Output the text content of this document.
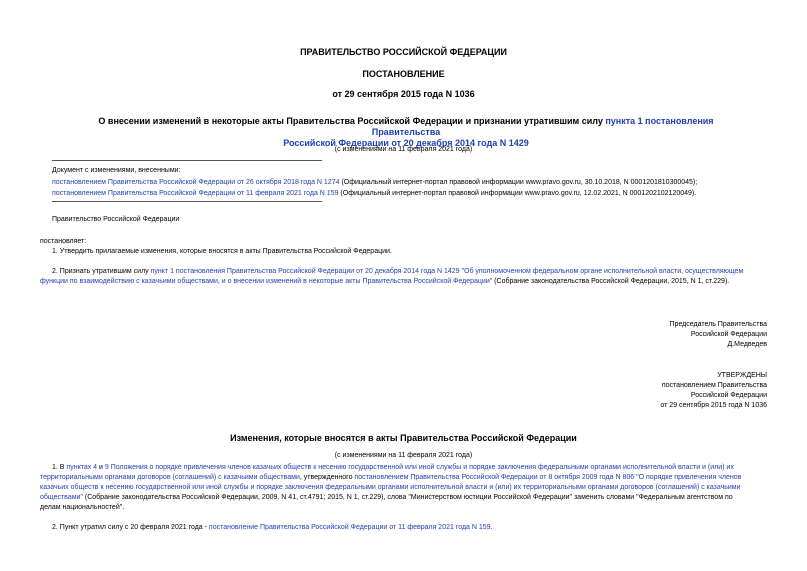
ПРАВИТЕЛЬСТВО РОССИЙСКОЙ ФЕДЕРАЦИИ
ПОСТАНОВЛЕНИЕ
от 29 сентября 2015 года N 1036
О внесении изменений в некоторые акты Правительства Российской Федерации и признании утратившим силу пункта 1 постановления Правительства
Российской Федерации от 20 декабря 2014 года N 1429
(с изменениями на 11 февраля 2021 года)
Документ с изменениями, внесенными:
постановлением Правительства Российской Федерации от 26 октября 2018 года N 1274 (Официальный интернет-портал правовой информации www.pravo.gov.ru, 30.10.2018, N 0001201810300045);
постановлением Правительства Российской Федерации от 11 февраля 2021 года N 159 (Официальный интернет-портал правовой информации www.pravo.gov.ru, 12.02.2021, N 0001202102120049).
Правительство Российской Федерации
постановляет:
1. Утвердить прилагаемые изменения, которые вносятся в акты Правительства Российской Федерации.
2. Признать утратившим силу пункт 1 постановления Правительства Российской Федерации от 20 декабря 2014 года N 1429 "Об уполномоченном федеральном органе исполнительной власти, осуществляющем
функции по взаимодействию с казачьими обществами, и о внесении изменений в некоторые акты Правительства Российской Федерации" (Собрание законодательства Российской Федерации, 2015, N 1, ст.229).
Председатель Правительства
Российской Федерации
Д.Медведев
УТВЕРЖДЕНЫ
постановлением Правительства
Российской Федерации
от 29 сентября 2015 года N 1036
Изменения, которые вносятся в акты Правительства Российской Федерации
(с изменениями на 11 февраля 2021 года)
1. В пунктах 4 и 9 Положения о порядке привлечения членов казачьих обществ к несению государственной или иной службы и порядке заключения федеральными органами исполнительной власти и (или) их
территориальными органами договоров (соглашений) с казачьими обществами, утвержденного постановлением Правительства Российской Федерации от 8 октября 2009 года N 806 "О порядке привлечения членов
казачьих обществ к несению государственной или иной службы и порядке заключения федеральными органами исполнительной власти и (или) их территориальными органами договоров (соглашений) с казачьими
обществами" (Собрание законодательства Российской Федерации, 2009, N 41, ст.4791; 2015, N 1, ст.229), слова "Министерством юстиции Российской Федерации" заменить словами "Федеральным агентством по
делам национальностей".
2. Пункт утратил силу с 20 февраля 2021 года - постановление Правительства Российской Федерации от 11 февраля 2021 года N 159.
